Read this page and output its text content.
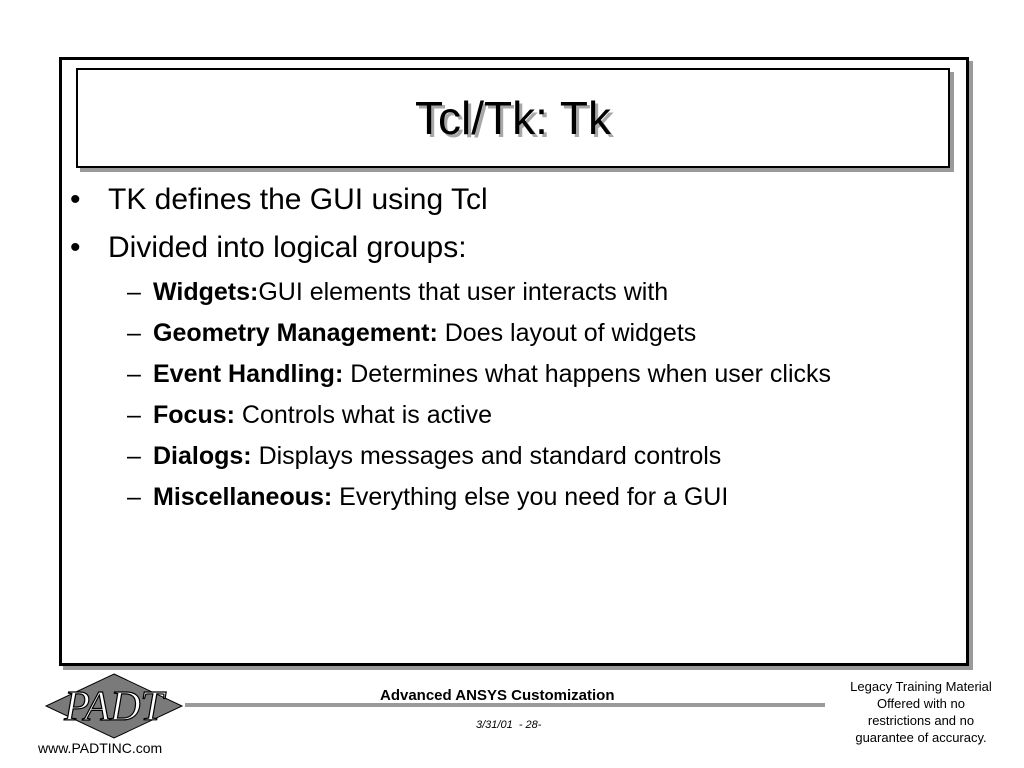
Tcl/Tk: Tk
• TK defines the GUI using Tcl
• Divided into logical groups:
– Widgets:GUI elements that user interacts with
– Geometry Management: Does layout of widgets
– Event Handling: Determines what happens when user clicks
– Focus: Controls what is active
– Dialogs: Displays messages and standard controls
– Miscellaneous: Everything else you need for a GUI
PADT
www.PADTINC.com
Advanced ANSYS Customization
3/31/01  - 28-
Legacy Training Material
Offered with no
restrictions and no
guarantee of accuracy.
